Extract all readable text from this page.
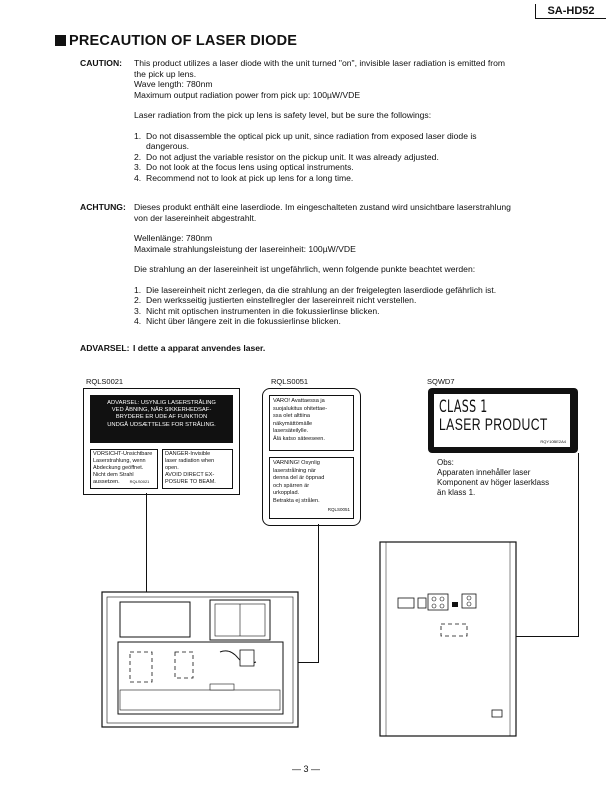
SA-HD52
PRECAUTION OF LASER DIODE
CAUTION: This product utilizes a laser diode with the unit turned "on", invisible laser radiation is emitted from
the pick up lens.
Wave length: 780nm
Maximum output radiation power from pick up: 100µW/VDE
Laser radiation from the pick up lens is safety level, but be sure the followings:
1. Do not disassemble the optical pick up unit, since radiation from exposed laser diode is
dangerous.
2. Do not adjust the variable resistor on the pickup unit. It was already adjusted.
3. Do not look at the focus lens using optical instruments.
4. Recommend not to look at pick up lens for a long time.
ACHTUNG: Dieses produkt enthält eine laserdiode. Im eingeschalteten zustand wird unsichtbare laserstrahlung
von der lasereinheit abgestrahlt.
Wellenlänge: 780nm
Maximale strahlungsleistung der lasereinheit: 100µW/VDE
Die strahlung an der lasereinheit ist ungefährlich, wenn folgende punkte beachtet werden:
1. Die lasereinheit nicht zerlegen, da die strahlung an der freigelegten laserdiode gefährlich ist.
2. Den werksseitig justierten einstellregler der lasereinreit nicht verstellen.
3. Nicht mit optischen instrumenten in die fokussierlinse blicken.
4. Nicht über längere zeit in die fokussierlinse blicken.
ADVARSEL: I dette a apparat anvendes laser.
RQLS0021	RQLS0051	SQWD7
ADVARSEL: USYNLIG LASERSTRÅLING
VED ÅBNING, NÅR SIKKERHEDSAF-
BRYDERE ER UDE AF FUNKTION
UNDGÅ UDSÆTTELSE FOR STRÅLING.
VORSICHT-Unsichtbare
Laserstrahlung, wenn
Abdeckung geöffnet.
Nicht dem Strahl
aussetzen.	RQLS0021
DANGER-Invisible
laser radiation when
open.
AVOID DIRECT EX-
POSURE TO BEAM.
VARO! Avattaessa ja
suojalukitus ohitettae-
ssa olet alttiina
näkymättömälle
lasersäteilylle.
Älä katso säteeseen.
VARNING! Osynlig
laserstrålning när
denna del är öppnad
och spärren är
urkopplad.
Betrakta ej strålen.
RQLS0051
CLASS 1
LASER PRODUCT
RQY10BE2A4
Obs:
Apparaten innehåller laser
Komponent av höger laserklass
än klass 1.
— 3 —
